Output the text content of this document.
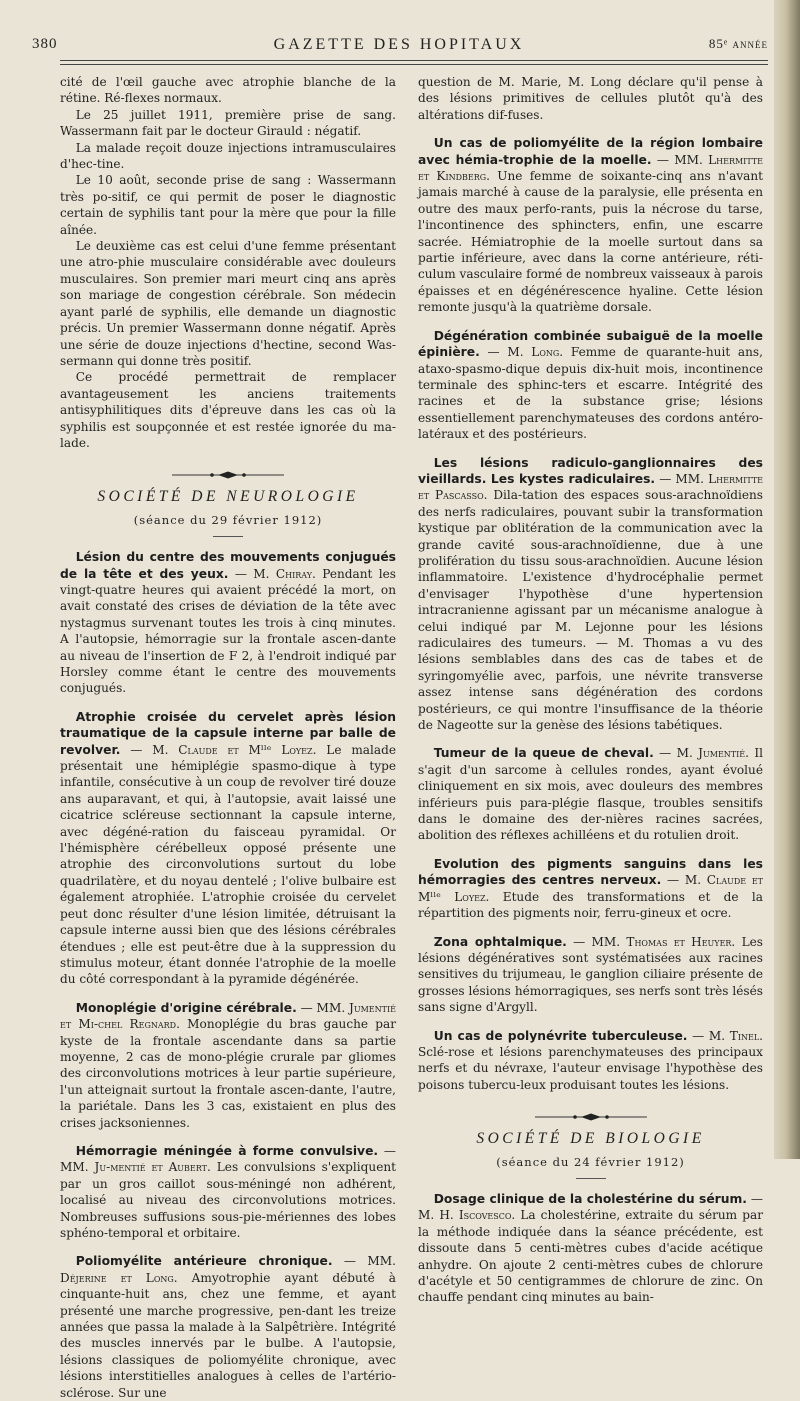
380	GAZETTE DES HOPITAUX	85ᵉ année

cité de l'œil gauche avec atrophie blanche de la rétine. Ré-flexes normaux.

Le 25 juillet 1911, première prise de sang. Wassermann fait par le docteur Girauld : négatif.

La malade reçoit douze injections intramusculaires d'hec-tine.

Le 10 août, seconde prise de sang : Wassermann très po-sitif, ce qui permit de poser le diagnostic certain de syphilis tant pour la mère que pour la fille aînée.

Le deuxième cas est celui d'une femme présentant une atro-phie musculaire considérable avec douleurs musculaires. Son premier mari meurt cinq ans après son mariage de congestion cérébrale. Son médecin ayant parlé de syphilis, elle demande un diagnostic précis. Un premier Wassermann donne négatif. Après une série de douze injections d'hectine, second Was-sermann qui donne très positif.

Ce procédé permettrait de remplacer avantageusement les anciens traitements antisyphilitiques dits d'épreuve dans les cas où la syphilis est soupçonnée et est restée ignorée du ma-lade.

SOCIÉTÉ DE NEUROLOGIE
(séance du 29 février 1912)

Lésion du centre des mouvements conjugués de la tête et des yeux. — M. Chiray. Pendant les vingt-quatre heures qui avaient précédé la mort, on avait constaté des crises de déviation de la tête avec nystagmus survenant toutes les trois à cinq minutes. A l'autopsie, hémorragie sur la frontale ascen-dante au niveau de l'insertion de F 2, à l'endroit indiqué par Horsley comme étant le centre des mouvements conjugués.

Atrophie croisée du cervelet après lésion traumatique de la capsule interne par balle de revolver. — M. Claude et Mˡˡᵉ Loyez. Le malade présentait une hémiplégie spasmo-dique à type infantile, consécutive à un coup de revolver tiré douze ans auparavant, et qui, à l'autopsie, avait laissé une cicatrice scléreuse sectionnant la capsule interne, avec dégéné-ration du faisceau pyramidal. Or l'hémisphère cérébelleux opposé présente une atrophie des circonvolutions surtout du lobe quadrilatère, et du noyau dentelé ; l'olive bulbaire est également atrophiée. L'atrophie croisée du cervelet peut donc résulter d'une lésion limitée, détruisant la capsule interne aussi bien que des lésions cérébrales étendues ; elle est peut-être due à la suppression du stimulus moteur, étant donnée l'atrophie de la moelle du côté correspondant à la pyramide dégénérée.

Monoplégie d'origine cérébrale. — MM. Jumentié et Mi-chel Regnard. Monoplégie du bras gauche par kyste de la frontale ascendante dans sa partie moyenne, 2 cas de mono-plégie crurale par gliomes des circonvolutions motrices à leur partie supérieure, l'un atteignait surtout la frontale ascen-dante, l'autre, la pariétale. Dans les 3 cas, existaient en plus des crises jacksoniennes.

Hémorragie méningée à forme convulsive. — MM. Ju-mentié et Aubert. Les convulsions s'expliquent par un gros caillot sous-méningé non adhérent, localisé au niveau des circonvolutions motrices. Nombreuses suffusions sous-pie-mériennes des lobes sphéno-temporal et orbitaire.

Poliomyélite antérieure chronique. — MM. Déjerine et Long. Amyotrophie ayant débuté à cinquante-huit ans, chez une femme, et ayant présenté une marche progressive, pen-dant les treize années que passa la malade à la Salpêtrière. Intégrité des muscles innervés par le bulbe. A l'autopsie, lésions classiques de poliomyélite chronique, avec lésions interstitielles analogues à celles de l'artério-sclérose. Sur une

question de M. Marie, M. Long déclare qu'il pense à des lésions primitives de cellules plutôt qu'à des altérations dif-fuses.

Un cas de poliomyélite de la région lombaire avec hémia-trophie de la moelle. — MM. Lhermitte et Kindberg. Une femme de soixante-cinq ans n'avant jamais marché à cause de la paralysie, elle présenta en outre des maux perfo-rants, puis la nécrose du tarse, l'incontinence des sphincters, enfin, une escarre sacrée. Hémiatrophie de la moelle surtout dans sa partie inférieure, avec dans la corne antérieure, réti-culum vasculaire formé de nombreux vaisseaux à parois épaisses et en dégénérescence hyaline. Cette lésion remonte jusqu'à la quatrième dorsale.

Dégénération combinée subaiguë de la moelle épinière. — M. Long. Femme de quarante-huit ans, ataxo-spasmo-dique depuis dix-huit mois, incontinence terminale des sphinc-ters et escarre. Intégrité des racines et de la substance grise; lésions essentiellement parenchymateuses des cordons antéro-latéraux et des postérieurs.

Les lésions radiculo-ganglionnaires des vieillards. Les kystes radiculaires. — MM. Lhermitte et Pascasso. Dila-tation des espaces sous-arachnoïdiens des nerfs radiculaires, pouvant subir la transformation kystique par oblitération de la communication avec la grande cavité sous-arachnoïdienne, due à une prolifération du tissu sous-arachnoïdien. Aucune lésion inflammatoire. L'existence d'hydrocéphalie permet d'envisager l'hypothèse d'une hypertension intracranienne agissant par un mécanisme analogue à celui indiqué par M. Lejonne pour les lésions radiculaires des tumeurs. — M. Thomas a vu des lésions semblables dans des cas de tabes et de syringomyélie avec, parfois, une névrite transverse assez intense sans dégénération des cordons postérieurs, ce qui montre l'insuffisance de la théorie de Nageotte sur la genèse des lésions tabétiques.

Tumeur de la queue de cheval. — M. Jumentié. Il s'agit d'un sarcome à cellules rondes, ayant évolué cliniquement en six mois, avec douleurs des membres inférieurs puis para-plégie flasque, troubles sensitifs dans le domaine des der-nières racines sacrées, abolition des réflexes achilléens et du rotulien droit.

Evolution des pigments sanguins dans les hémorragies des centres nerveux. — M. Claude et Mˡˡᵉ Loyez. Etude des transformations et de la répartition des pigments noir, ferru-gineux et ocre.

Zona ophtalmique. — MM. Thomas et Heuyer. Les lésions dégénératives sont systématisées aux racines sensitives du trijumeau, le ganglion ciliaire présente de grosses lésions hémorragiques, ses nerfs sont très lésés sans signe d'Argyll.

Un cas de polynévrite tuberculeuse. — M. Tinel. Sclé-rose et lésions parenchymateuses des principaux nerfs et du névraxe, l'auteur envisage l'hypothèse des poisons tubercu-leux produisant toutes les lésions.

SOCIÉTÉ DE BIOLOGIE
(séance du 24 février 1912)

Dosage clinique de la cholestérine du sérum. — M. H. Iscovesco. La cholestérine, extraite du sérum par la méthode indiquée dans la séance précédente, est dissoute dans 5 centi-mètres cubes d'acide acétique anhydre. On ajoute 2 centi-mètres cubes de chlorure d'acétyle et 50 centigrammes de chlorure de zinc. On chauffe pendant cinq minutes au bain-
